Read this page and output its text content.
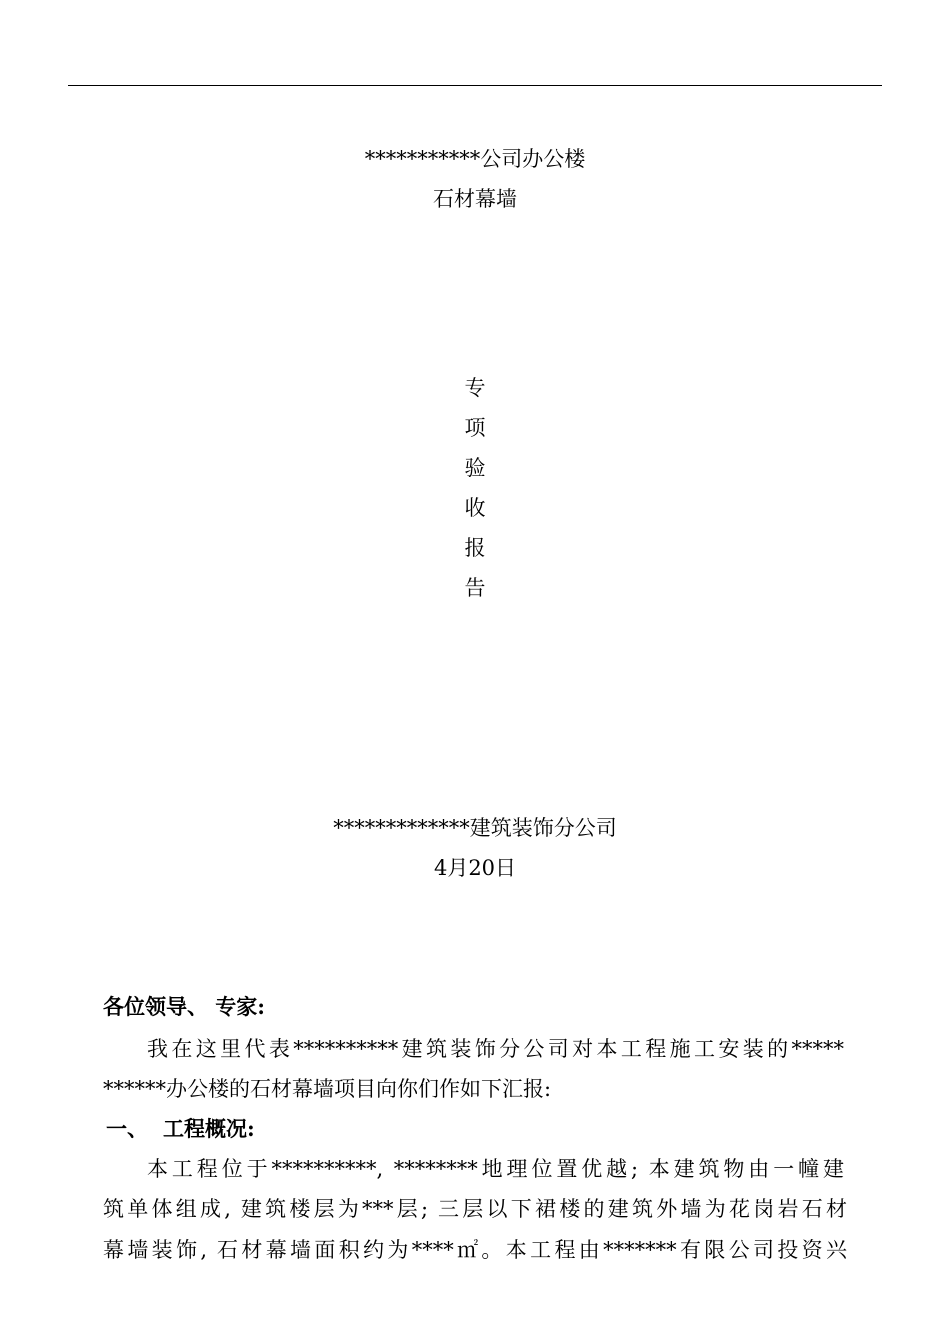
***********公司办公楼
石材幕墙
专
项
验
收
报
告
*************建筑装饰分公司
4月20日
各位领导、 专家:
我在这里代表**********建筑装饰分公司对本工程施工安装的*****
******办公楼的石材幕墙项目向你们作如下汇报:
一、 工程概况:
本工程位于**********, ********地理位置优越; 本建筑物由一幢建
筑单体组成, 建筑楼层为***层; 三层以下裙楼的建筑外墙为花岗岩石材
幕墙装饰, 石材幕墙面积约为****㎡。本工程由*******有限公司投资兴
